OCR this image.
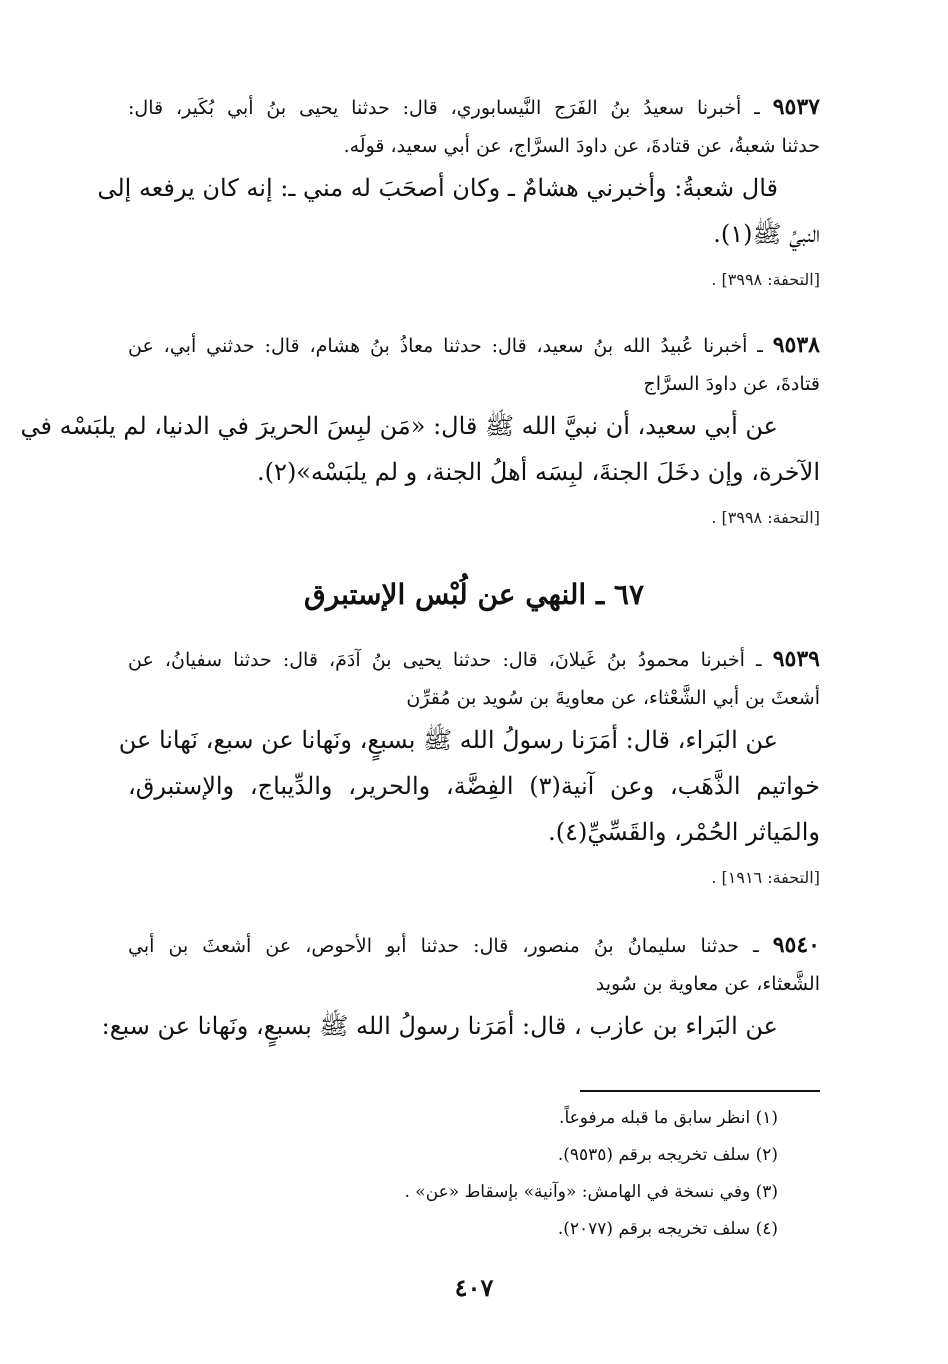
٩٥٣٧ ـ أخبرنا سعيدُ بنُ الفَرَج النَّيسابوري، قال: حدثنا يحيى بنُ أبي بُكَير، قال:
حدثنا شعبةُ، عن قتادةَ، عن داودَ السرَّاج، عن أبي سعيد، قولَه.
قال شعبةُ: وأخبرني هشامٌ ـ وكان أصحَبَ له مني ـ: إنه كان يرفعه إلى
النبيِّ ﷺ(١).
[التحفة: ٣٩٩٨] .
٩٥٣٨ ـ أخبرنا عُبيدُ الله بنُ سعيد، قال: حدثنا معاذُ بنُ هشام، قال: حدثني أبي، عن
قتادةَ، عن داودَ السرَّاج
عن أبي سعيد، أن نبيَّ الله ﷺ قال: «مَن لبِسَ الحريرَ في الدنيا، لم يلبَسْه في
الآخرة، وإن دخَلَ الجنةَ، لبِسَه أهلُ الجنة، و لم يلبَسْه»(٢).
[التحفة: ٣٩٩٨] .
٦٧ ـ النهي عن لُبْس الإستبرق
٩٥٣٩ ـ أخبرنا محمودُ بنُ غَيلانَ، قال: حدثنا يحيى بنُ آدَمَ، قال: حدثنا سفيانُ، عن
أشعثَ بن أبي الشَّعْثاء، عن معاويةَ بن سُويد بن مُقرِّن
عن البَراء، قال: أمَرَنا رسولُ الله ﷺ بسبعٍ، ونَهانا عن سبع، نَهانا عن
خواتيم الذَّهَب، وعن آنية(٣) الفِضَّة، والحرير، والدِّيباج، والإستبرق،
والمَياثر الحُمْر، والقَسِّيِّ(٤).
[التحفة: ١٩١٦] .
٩٥٤٠ ـ حدثنا سليمانُ بنُ منصور، قال: حدثنا أبو الأحوص، عن أشعثَ بن أبي
الشَّعثاء، عن معاوية بن سُويد
عن البَراء بن عازب ، قال: أمَرَنا رسولُ الله ﷺ بسبعٍ، ونَهانا عن سبع:
(١) انظر سابق ما قبله مرفوعاً.
(٢) سلف تخريجه برقم (٩٥٣٥).
(٣) وفي نسخة في الهامش: «وآنية» بإسقاط «عن» .
(٤) سلف تخريجه برقم (٢٠٧٧).
٤٠٧
